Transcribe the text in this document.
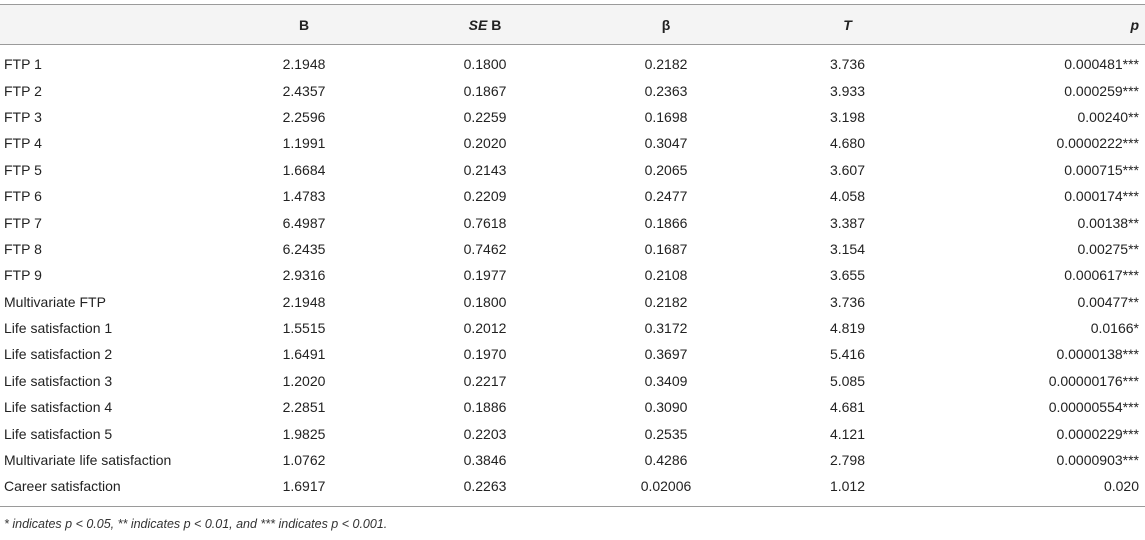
	B	SE B	β	T	p
FTP 1	2.1948	0.1800	0.2182	3.736	0.000481***
FTP 2	2.4357	0.1867	0.2363	3.933	0.000259***
FTP 3	2.2596	0.2259	0.1698	3.198	0.00240**
FTP 4	1.1991	0.2020	0.3047	4.680	0.0000222***
FTP 5	1.6684	0.2143	0.2065	3.607	0.000715***
FTP 6	1.4783	0.2209	0.2477	4.058	0.000174***
FTP 7	6.4987	0.7618	0.1866	3.387	0.00138**
FTP 8	6.2435	0.7462	0.1687	3.154	0.00275**
FTP 9	2.9316	0.1977	0.2108	3.655	0.000617***
Multivariate FTP	2.1948	0.1800	0.2182	3.736	0.00477**
Life satisfaction 1	1.5515	0.2012	0.3172	4.819	0.0166*
Life satisfaction 2	1.6491	0.1970	0.3697	5.416	0.0000138***
Life satisfaction 3	1.2020	0.2217	0.3409	5.085	0.00000176***
Life satisfaction 4	2.2851	0.1886	0.3090	4.681	0.00000554***
Life satisfaction 5	1.9825	0.2203	0.2535	4.121	0.0000229***
Multivariate life satisfaction	1.0762	0.3846	0.4286	2.798	0.0000903***
Career satisfaction	1.6917	0.2263	0.02006	1.012	0.020
* indicates p < 0.05, ** indicates p < 0.01, and *** indicates p < 0.001.					
